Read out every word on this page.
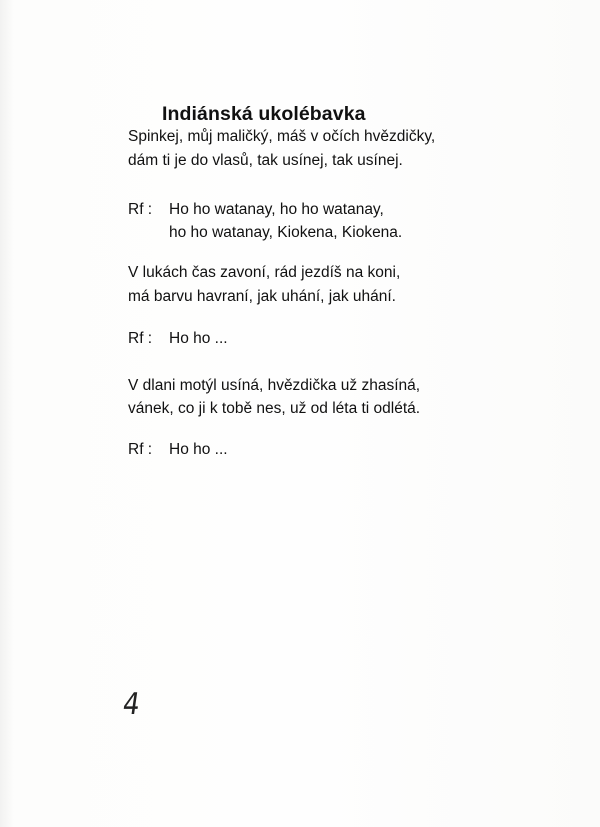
Indiánská ukolébavka
Spinkej, můj maličký, máš v očích hvězdičky,
dám ti je do vlasů, tak usínej, tak usínej.
Rf : Ho ho watanay, ho ho watanay,
ho ho watanay, Kiokena, Kiokena.
V lukách čas zavoní, rád jezdíš na koni,
má barvu havraní, jak uhání, jak uhání.
Rf : Ho ho ...
V dlani motýl usíná, hvězdička už zhasíná,
vánek, co ji k tobě nes, už od léta ti odlétá.
Rf : Ho ho ...
4
